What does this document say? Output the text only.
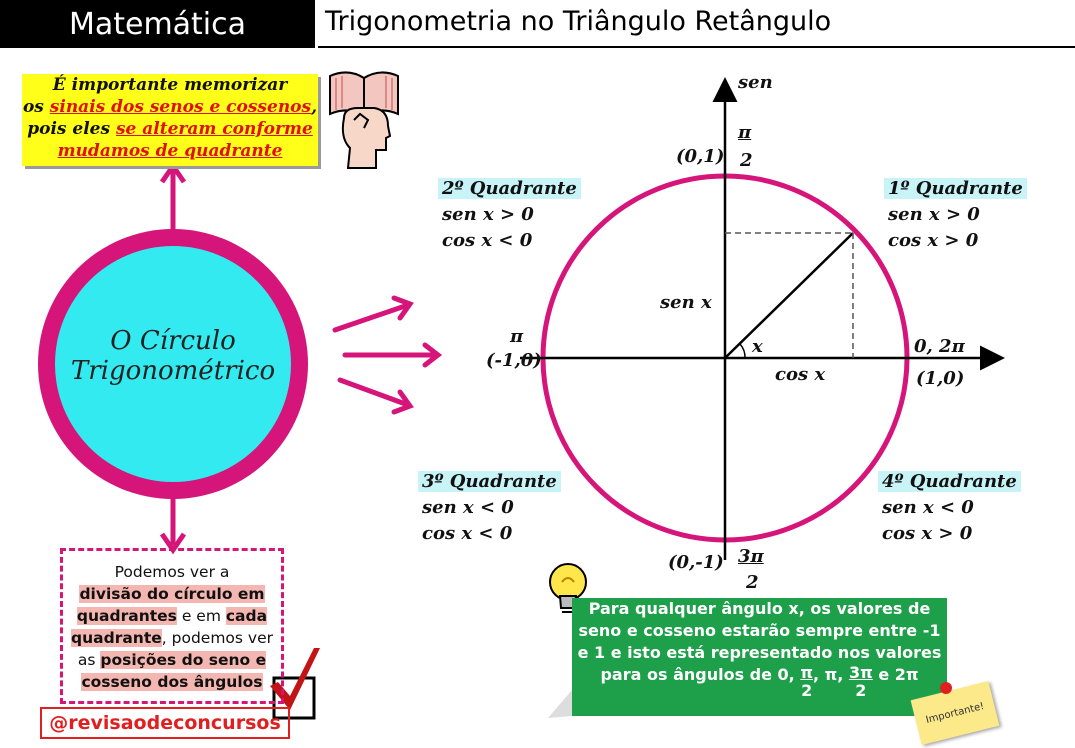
Matemática	Trigonometria no Triângulo Retângulo
É importante memorizar
os sinais dos senos e cossenos,
pois eles se alteram conforme
mudamos de quadrante
O Círculo
Trigonométrico
sen
(0,1)
π
2
π
(-1,0)
0, 2π
(1,0)
(0,-1) 3π
2
sen x
cos x
x
1º Quadrante
sen x > 0
cos x > 0
2º Quadrante
sen x > 0
cos x < 0
3º Quadrante
sen x < 0
cos x < 0
4º Quadrante
sen x < 0
cos x > 0
Podemos ver a
divisão do círculo em
quadrantes e em cada
quadrante, podemos ver
as posições do seno e
cosseno dos ângulos
@revisaodeconcursos
Para qualquer ângulo x, os valores de
seno e cosseno estarão sempre entre -1
e 1 e isto está representado nos valores
para os ângulos de 0, $\frac{\pi}{2}$ , π, $\frac{3\pi}{2}$ e 2π
Importante!
